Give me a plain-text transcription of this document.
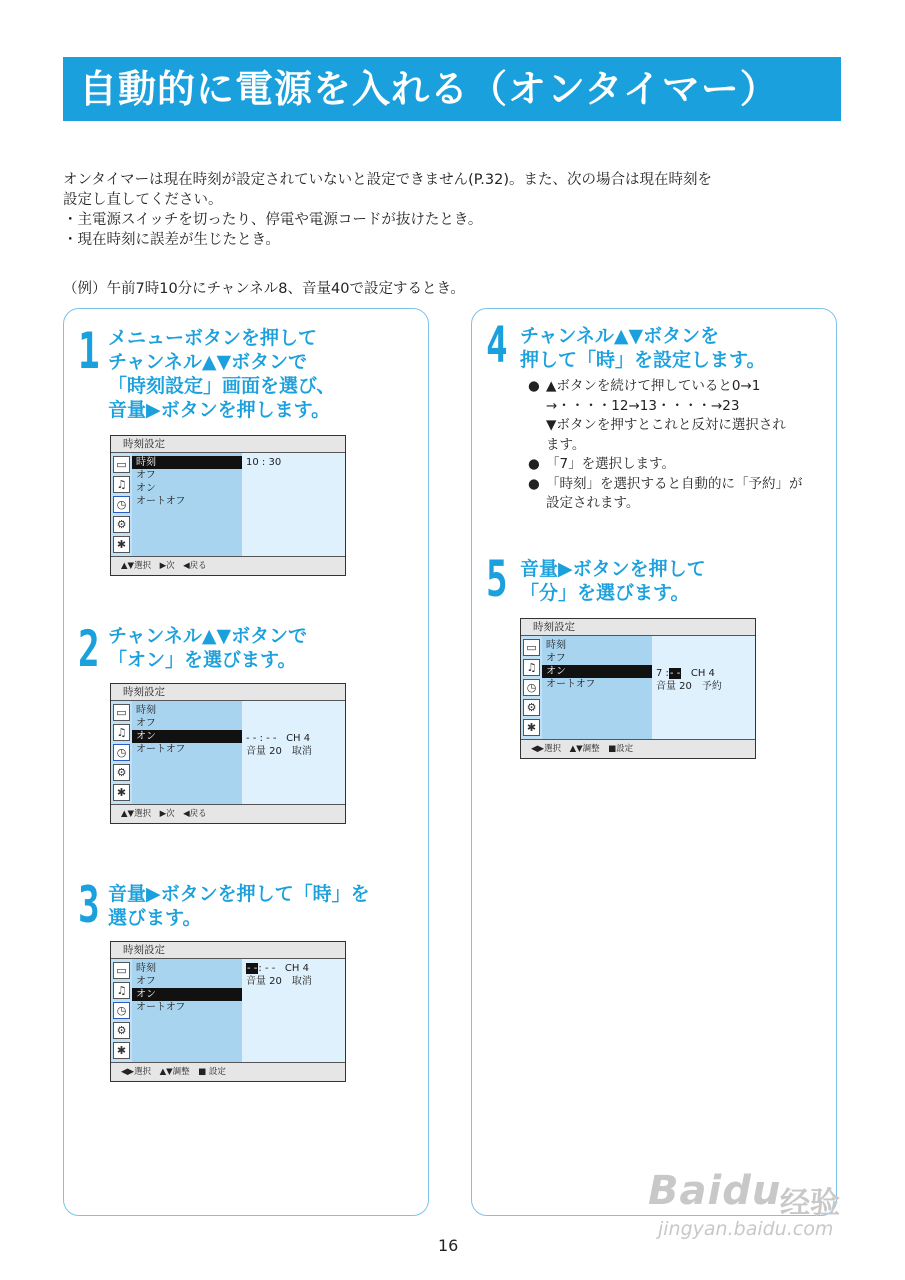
自動的に電源を入れる（オンタイマー）

オンタイマーは現在時刻が設定されていないと設定できません(P.32)。また、次の場合は現在時刻を

設定し直してください。

・主電源スイッチを切ったり、停電や電源コードが抜けたとき。

・現在時刻に誤差が生じたとき。

（例）午前7時10分にチャンネル8、音量40で設定するとき。
1 メニューボタンを押して
チャンネル▲▼ボタンで
「時刻設定」画面を選び、
音量▶ボタンを押します。
時刻設定
▭
♫
◷
⚙
✱
時刻
オフ
オン
オートオフ
10 : 30
▲▼選択　▶次　◀戻る
2 チャンネル▲▼ボタンで
「オン」を選びます。
時刻設定
▭
♫
◷
⚙
✱
時刻
オフ
オン
オートオフ
- - : - - CH 4
音量 20　取消
▲▼選択　▶次　◀戻る
3 音量▶ボタンを押して「時」を
選びます。
時刻設定
▭
♫
◷
⚙
✱
時刻
オフ
オン
オートオフ
- -: - - CH 4
音量 20　取消
◀▶選択　▲▼調整　■ 設定
4 チャンネル▲▼ボタンを
押して「時」を設定します。
● ▲ボタンを続けて押していると0→1
→・・・・12→13・・・・→23
▼ボタンを押すとこれと反対に選択され
ます。
● 「7」を選択します。
● 「時刻」を選択すると自動的に「予約」が
設定されます。
5 音量▶ボタンを押して
「分」を選びます。
時刻設定
▭
♫
◷
⚙
✱
時刻
オフ
オン
オートオフ
7 :- - CH 4
音量 20　予約
◀▶選択　▲▼調整　■設定
16
Baidu
经验
jingyan.baidu.com
